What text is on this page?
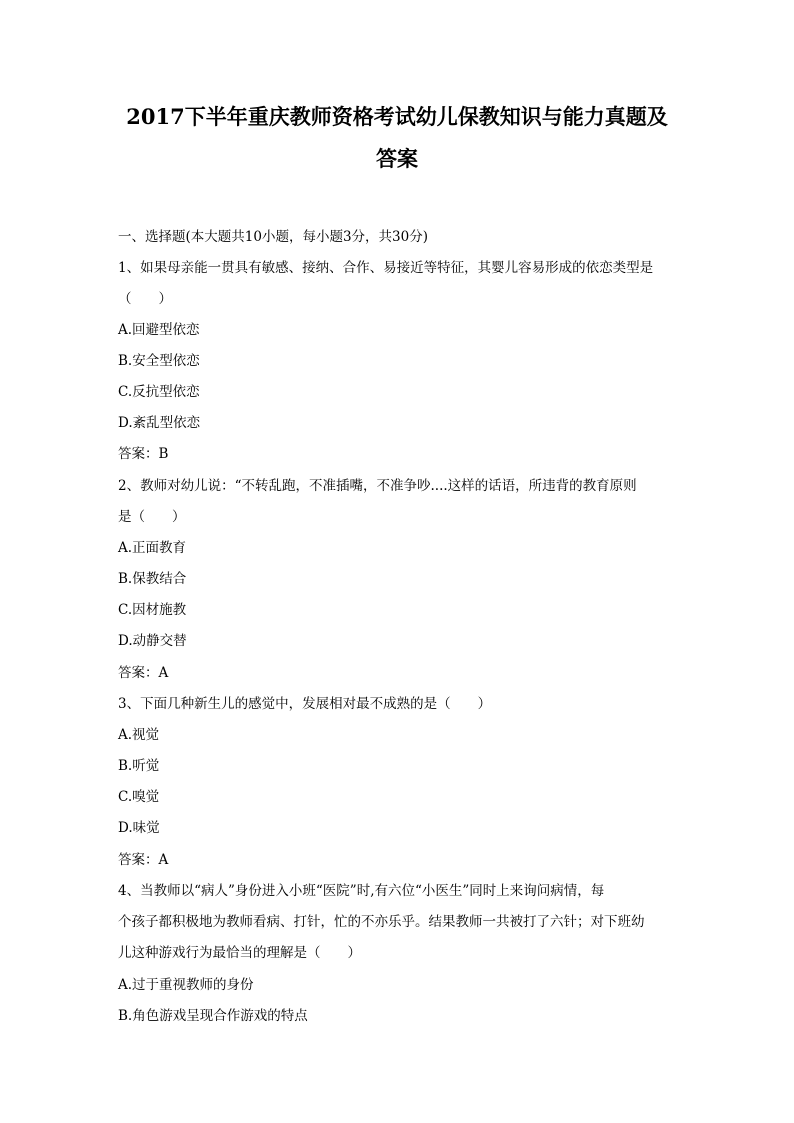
2017下半年重庆教师资格考试幼儿保教知识与能力真题及
答案
一、选择题(本大题共10小题，每小题3分，共30分)
1、如果母亲能一贯具有敏感、接纳、合作、易接近等特征，其婴儿容易形成的依恋类型是
（　　）
A.回避型依恋
B.安全型依恋
C.反抗型依恋
D.紊乱型依恋
答案：B
2、教师对幼儿说：“不转乱跑，不准插嘴，不准争吵....这样的话语，所违背的教育原则
是（　　）
A.正面教育
B.保教结合
C.因材施教
D.动静交替
答案：A
3、下面几种新生儿的感觉中，发展相对最不成熟的是（　　）
A.视觉
B.听觉
C.嗅觉
D.味觉
答案：A
4、当教师以“病人”身份进入小班“医院”时,有六位“小医生”同时上来询问病情，每
个孩子都积极地为教师看病、打针，忙的不亦乐乎。结果教师一共被打了六针；对下班幼
儿这种游戏行为最恰当的理解是（　　）
A.过于重视教师的身份
B.角色游戏呈现合作游戏的特点
